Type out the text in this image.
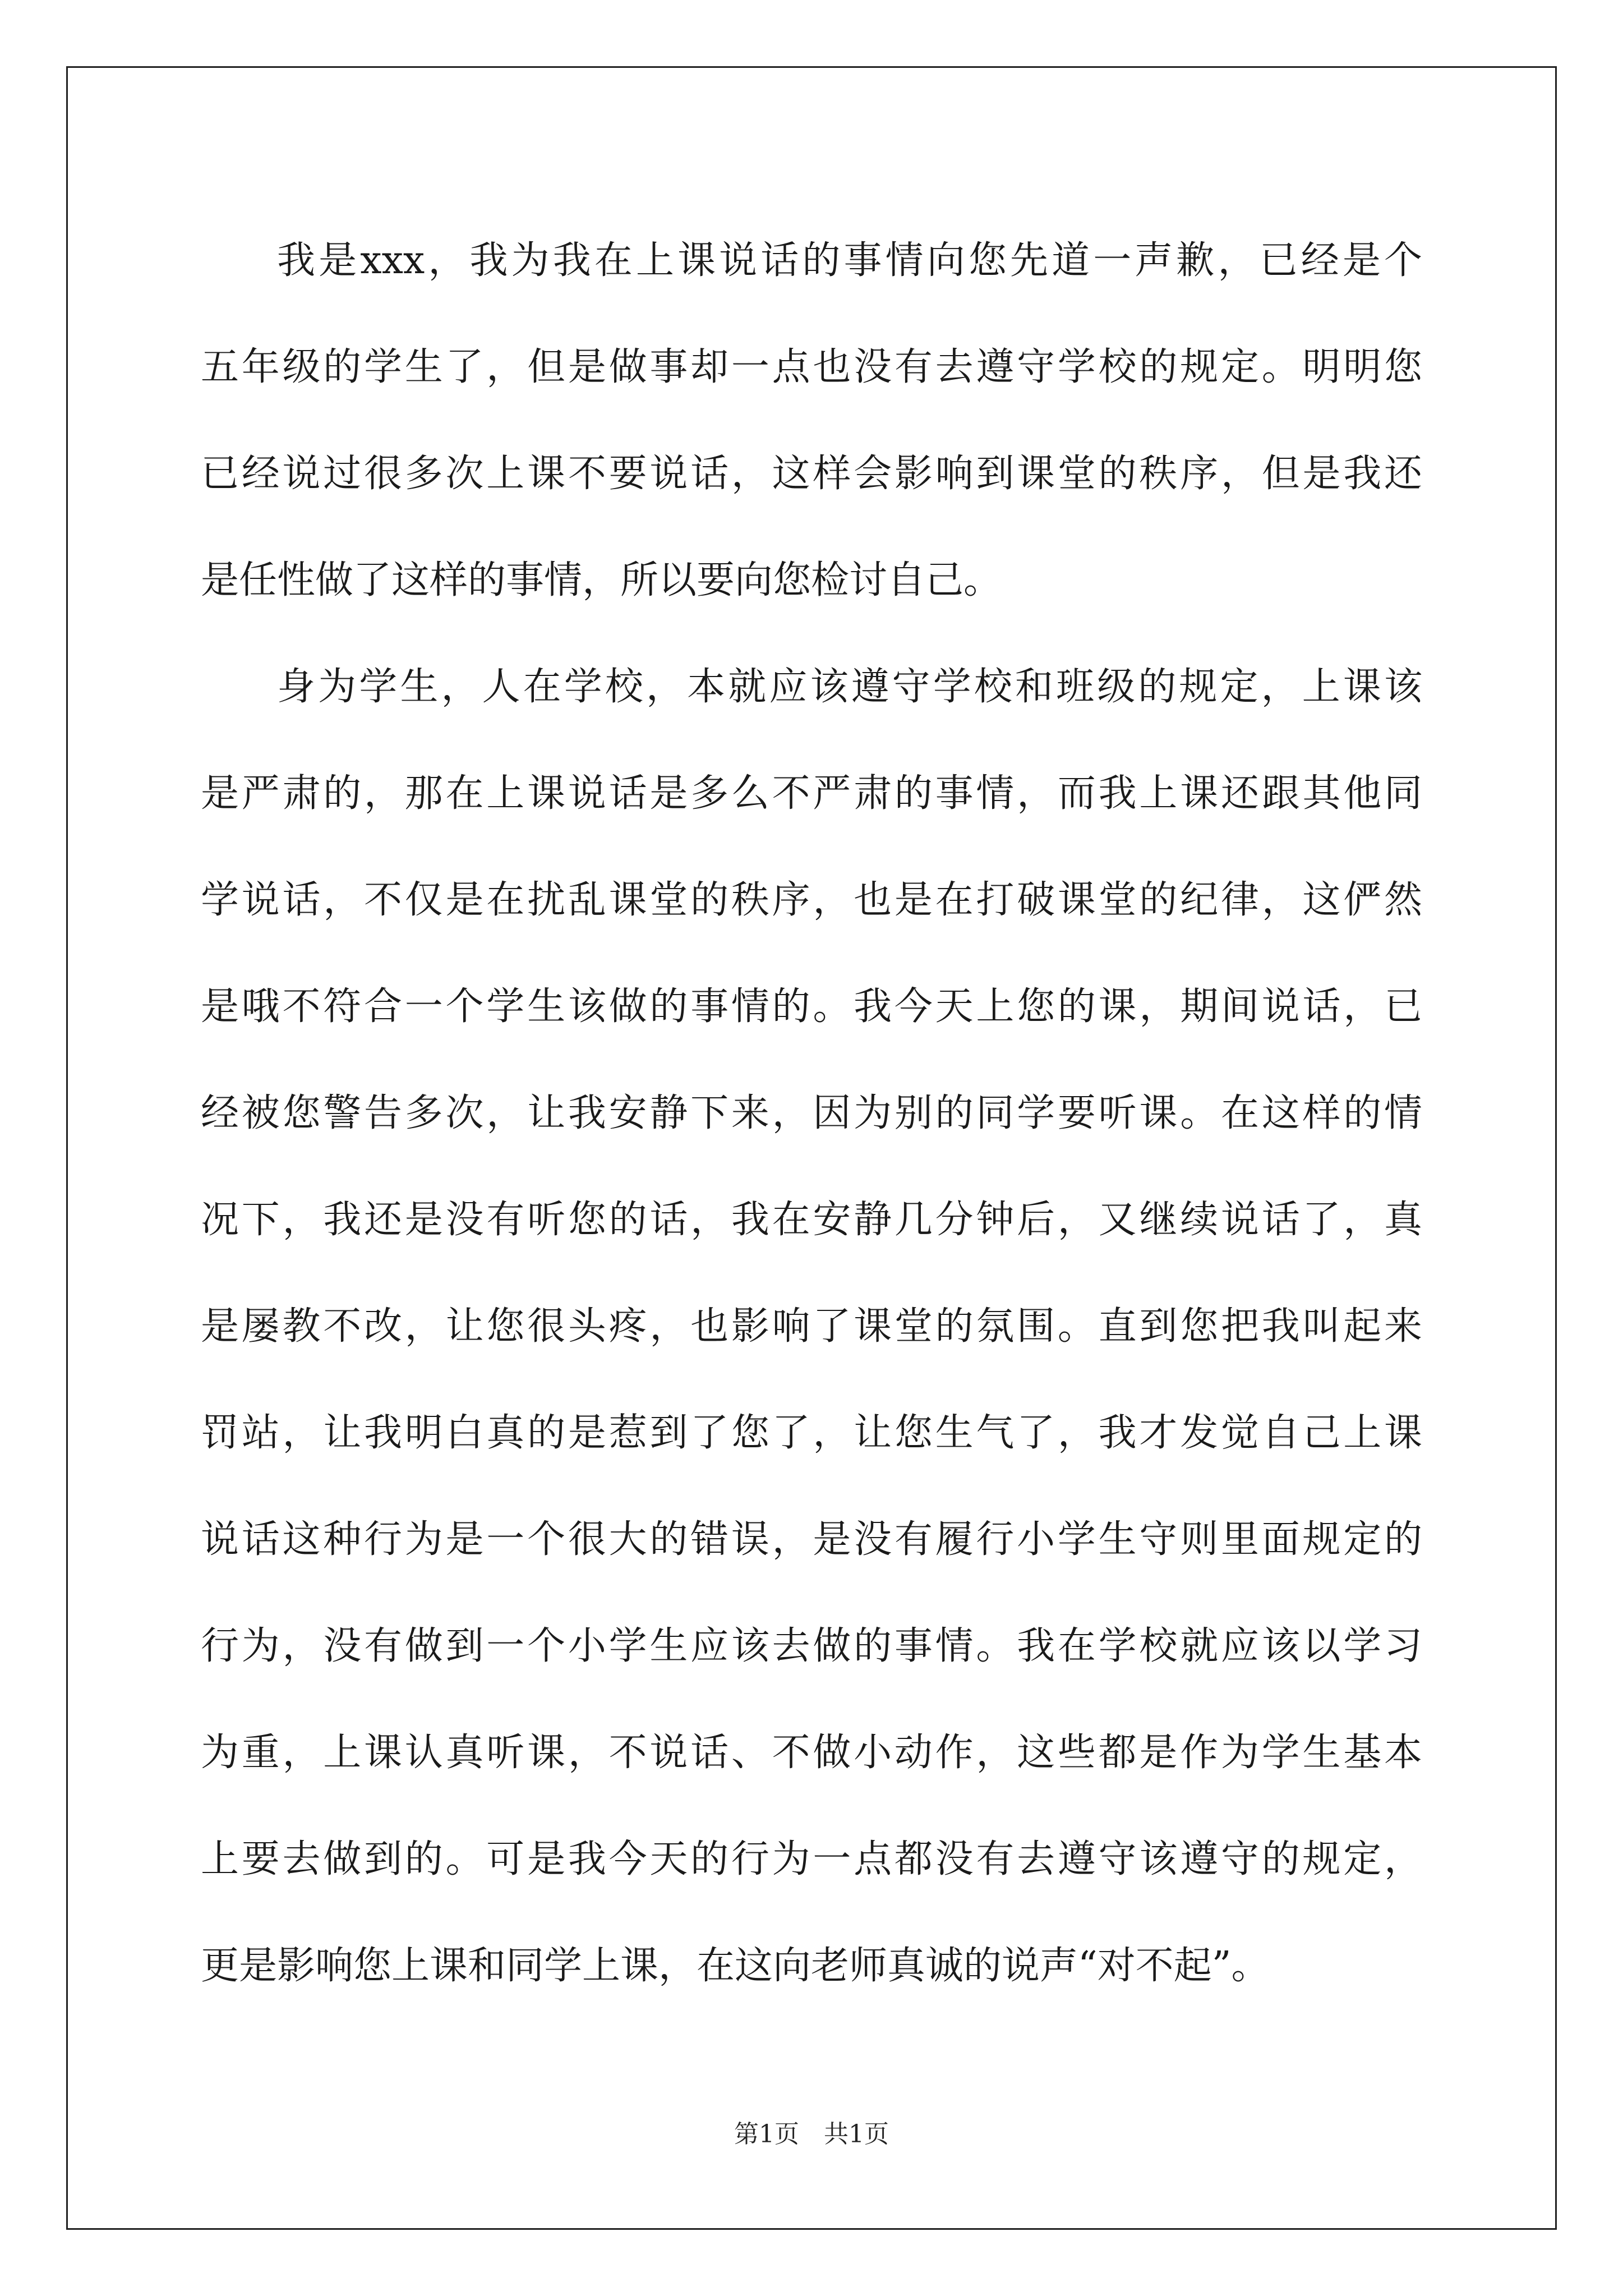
我是xxx，我为我在上课说话的事情向您先道一声歉，已经是个
五年级的学生了，但是做事却一点也没有去遵守学校的规定。明明您
已经说过很多次上课不要说话，这样会影响到课堂的秩序，但是我还
是任性做了这样的事情，所以要向您检讨自己。
身为学生，人在学校，本就应该遵守学校和班级的规定，上课该
是严肃的，那在上课说话是多么不严肃的事情，而我上课还跟其他同
学说话，不仅是在扰乱课堂的秩序，也是在打破课堂的纪律，这俨然
是哦不符合一个学生该做的事情的。我今天上您的课，期间说话，已
经被您警告多次，让我安静下来，因为别的同学要听课。在这样的情
况下，我还是没有听您的话，我在安静几分钟后，又继续说话了，真
是屡教不改，让您很头疼，也影响了课堂的氛围。直到您把我叫起来
罚站，让我明白真的是惹到了您了，让您生气了，我才发觉自己上课
说话这种行为是一个很大的错误，是没有履行小学生守则里面规定的
行为，没有做到一个小学生应该去做的事情。我在学校就应该以学习
为重，上课认真听课，不说话、不做小动作，这些都是作为学生基本
上要去做到的。可是我今天的行为一点都没有去遵守该遵守的规定，
更是影响您上课和同学上课，在这向老师真诚的说声“对不起”。
第1页 共1页
